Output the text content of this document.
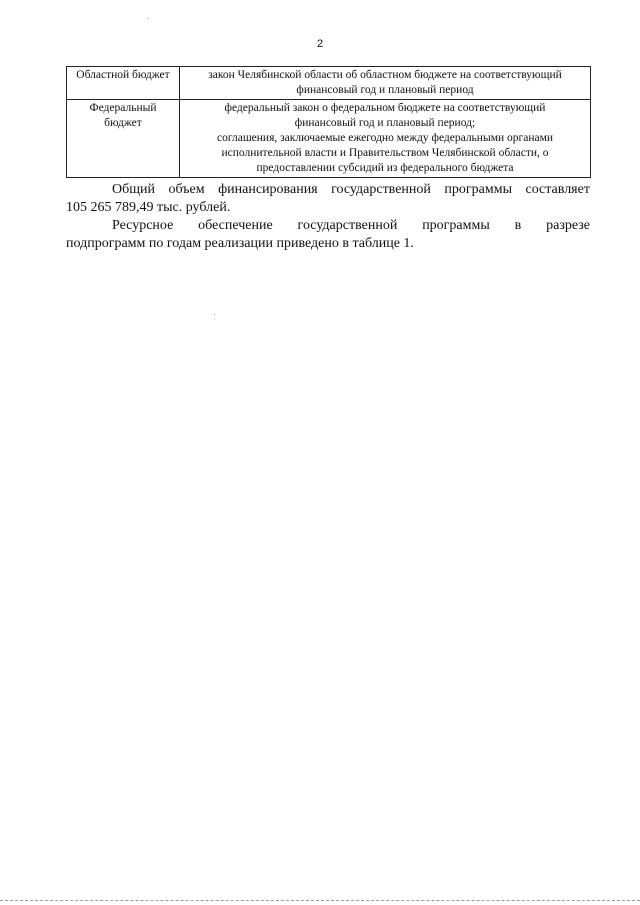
2
Областной бюджет	закон Челябинской области об областном бюджете на соответствующий
финансовый год и плановый период

Федеральный
бюджет	федеральный закон о федеральном бюджете на соответствующий
финансовый год и плановый период;
соглашения, заключаемые ежегодно между федеральными органами
исполнительной власти и Правительством Челябинской области, о
предоставлении субсидий из федерального бюджета
Общий объем финансирования государственной программы составляет
105 265 789,49 тыс. рублей.
Ресурсное обеспечение государственной программы в разрезе
подпрограмм по годам реализации приведено в таблице 1.
